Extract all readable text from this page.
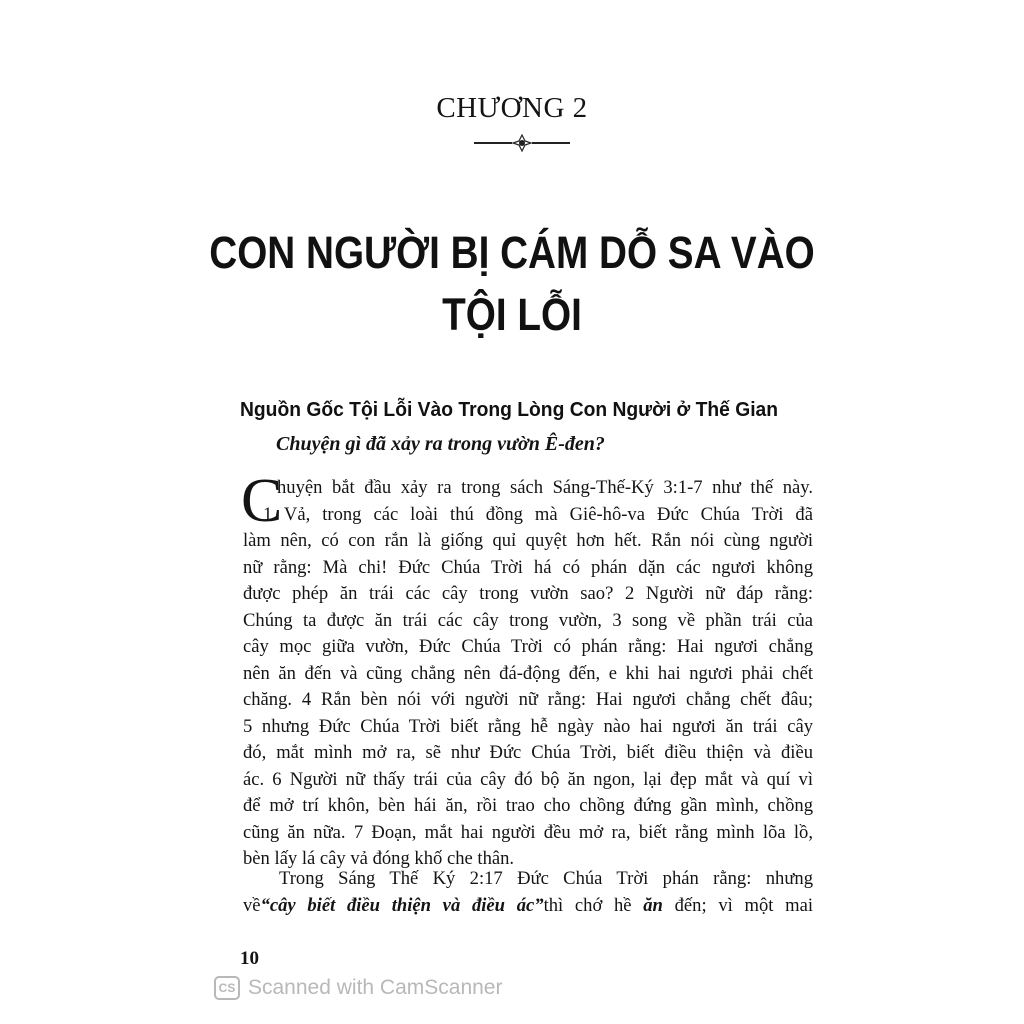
CHƯƠNG 2
CON NGƯỜI BỊ CÁM DỖ SA VÀO
TỘI LỖI
Nguồn Gốc Tội Lỗi Vào Trong Lòng Con Người ở Thế Gian
Chuyện gì đã xảy ra trong vườn Ê-đen?
C
huyện bắt đầu xảy ra trong sách Sáng-Thế-Ký 3:1-7 như thế này.
1 Vả, trong các loài thú đồng mà Giê-hô-va Đức Chúa Trời đã
làm nên, có con rắn là giống quỉ quyệt hơn hết. Rắn nói cùng người
nữ rằng: Mà chi! Đức Chúa Trời há có phán dặn các ngươi không
được phép ăn trái các cây trong vườn sao? 2 Người nữ đáp rằng:
Chúng ta được ăn trái các cây trong vườn, 3 song về phần trái của
cây mọc giữa vườn, Đức Chúa Trời có phán rằng: Hai ngươi chẳng
nên ăn đến và cũng chẳng nên đá-động đến, e khi hai ngươi phải chết
chăng. 4 Rắn bèn nói với người nữ rằng: Hai ngươi chẳng chết đâu;
5 nhưng Đức Chúa Trời biết rằng hễ ngày nào hai ngươi ăn trái cây
đó, mắt mình mở ra, sẽ như Đức Chúa Trời, biết điều thiện và điều
ác. 6 Người nữ thấy trái của cây đó bộ ăn ngon, lại đẹp mắt và quí vì
để mở trí khôn, bèn hái ăn, rồi trao cho chồng đứng gần mình, chồng
cũng ăn nữa. 7 Đoạn, mắt hai người đều mở ra, biết rằng mình lõa lồ,
bèn lấy lá cây vả đóng khố che thân.
Trong Sáng Thế Ký 2:17 Đức Chúa Trời phán rằng: nhưng
về“cây biết điều thiện và điều ác”thì chớ hề ăn đến; vì một mai
10
CS Scanned with CamScanner
